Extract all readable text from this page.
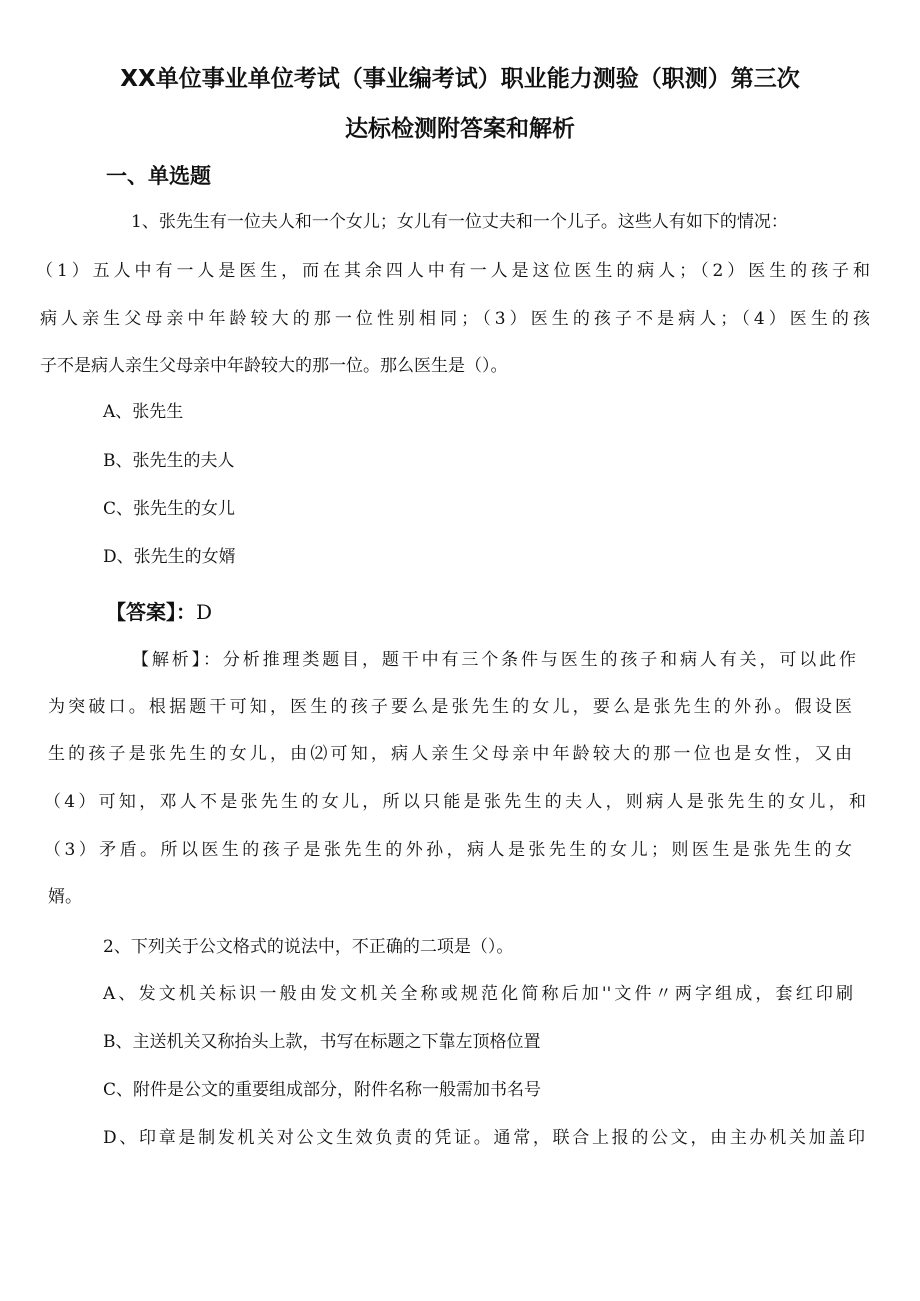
XX单位事业单位考试（事业编考试）职业能力测验（职测）第三次
达标检测附答案和解析
一、单选题
1、张先生有一位夫人和一个女儿；女儿有一位丈夫和一个儿子。这些人有如下的情况：
（1）五人中有一人是医生，而在其余四人中有一人是这位医生的病人；（2）医生的孩子和
病人亲生父母亲中年龄较大的那一位性别相同；（3）医生的孩子不是病人；（4）医生的孩
子不是病人亲生父母亲中年龄较大的那一位。那么医生是（）。
A、张先生
B、张先生的夫人
C、张先生的女儿
D、张先生的女婿
【答案】：D
【解析】：分析推理类题目，题干中有三个条件与医生的孩子和病人有关，可以此作
为突破口。根据题干可知，医生的孩子要么是张先生的女儿，要么是张先生的外孙。假设医
生的孩子是张先生的女儿，由⑵可知，病人亲生父母亲中年龄较大的那一位也是女性，又由
（4）可知，邓人不是张先生的女儿，所以只能是张先生的夫人，则病人是张先生的女儿，和
（3）矛盾。所以医生的孩子是张先生的外孙，病人是张先生的女儿；则医生是张先生的女
婿。
2、下列关于公文格式的说法中，不正确的二项是（）。
A、发文机关标识一般由发文机关全称或规范化简称后加''文件〃两字组成，套红印刷
B、主送机关又称抬头上款，书写在标题之下靠左顶格位置
C、附件是公文的重要组成部分，附件名称一般需加书名号
D、印章是制发机关对公文生效负责的凭证。通常，联合上报的公文，由主办机关加盖印
